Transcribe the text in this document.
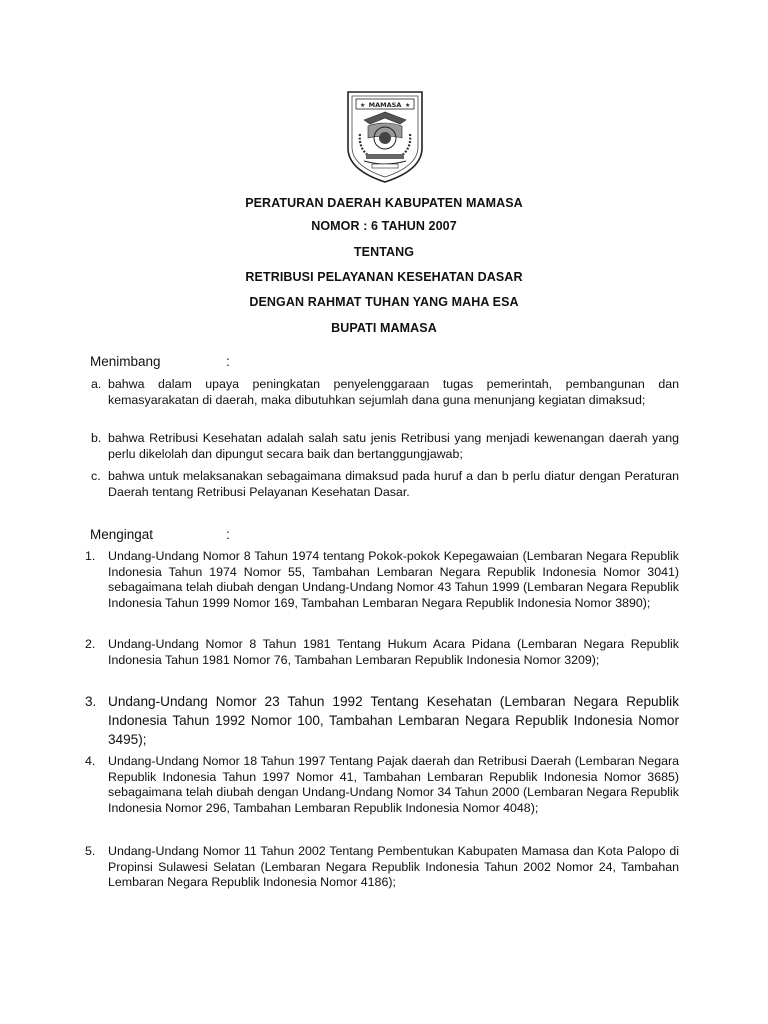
MAMASA
★	★
PERATURAN DAERAH KABUPATEN MAMASA
NOMOR : 6 TAHUN 2007
TENTANG
RETRIBUSI PELAYANAN KESEHATAN DASAR
DENGAN RAHMAT TUHAN YANG MAHA ESA
BUPATI MAMASA
Menimbang	:
a. bahwa dalam upaya peningkatan penyelenggaraan tugas pemerintah, pembangunan dan kemasyarakatan di daerah, maka dibutuhkan sejumlah dana guna menunjang kegiatan dimaksud;
b. bahwa Retribusi Kesehatan adalah salah satu jenis Retribusi yang menjadi kewenangan daerah yang perlu dikelolah dan dipungut secara baik dan bertanggungjawab;
c. bahwa untuk melaksanakan sebagaimana dimaksud pada huruf a dan b perlu diatur dengan Peraturan Daerah tentang Retribusi Pelayanan Kesehatan Dasar.
Mengingat	:
1. Undang-Undang Nomor 8 Tahun 1974 tentang Pokok-pokok Kepegawaian (Lembaran Negara Republik Indonesia Tahun 1974 Nomor 55, Tambahan Lembaran Negara Republik Indonesia Nomor 3041) sebagaimana telah diubah dengan Undang-Undang Nomor 43 Tahun 1999 (Lembaran Negara Republik Indonesia Tahun 1999 Nomor 169, Tambahan Lembaran Negara Republik Indonesia Nomor 3890);
2. Undang-Undang Nomor 8 Tahun 1981 Tentang Hukum Acara Pidana (Lembaran Negara Republik Indonesia Tahun 1981 Nomor 76, Tambahan Lembaran Republik Indonesia Nomor 3209);
3. Undang-Undang Nomor 23 Tahun 1992 Tentang Kesehatan (Lembaran Negara Republik Indonesia Tahun 1992 Nomor 100, Tambahan Lembaran Negara Republik Indonesia Nomor 3495);
4. Undang-Undang Nomor 18 Tahun 1997 Tentang Pajak daerah dan Retribusi Daerah (Lembaran Negara Republik Indonesia Tahun 1997 Nomor 41, Tambahan Lembaran Republik Indonesia Nomor 3685) sebagaimana telah diubah dengan Undang-Undang Nomor 34 Tahun 2000 (Lembaran Negara Republik Indonesia Nomor 296, Tambahan Lembaran Republik Indonesia Nomor 4048);
5. Undang-Undang Nomor 11 Tahun 2002 Tentang Pembentukan Kabupaten Mamasa dan Kota Palopo di Propinsi Sulawesi Selatan (Lembaran Negara Republik Indonesia Tahun 2002 Nomor 24, Tambahan Lembaran Negara Republik Indonesia Nomor 4186);
